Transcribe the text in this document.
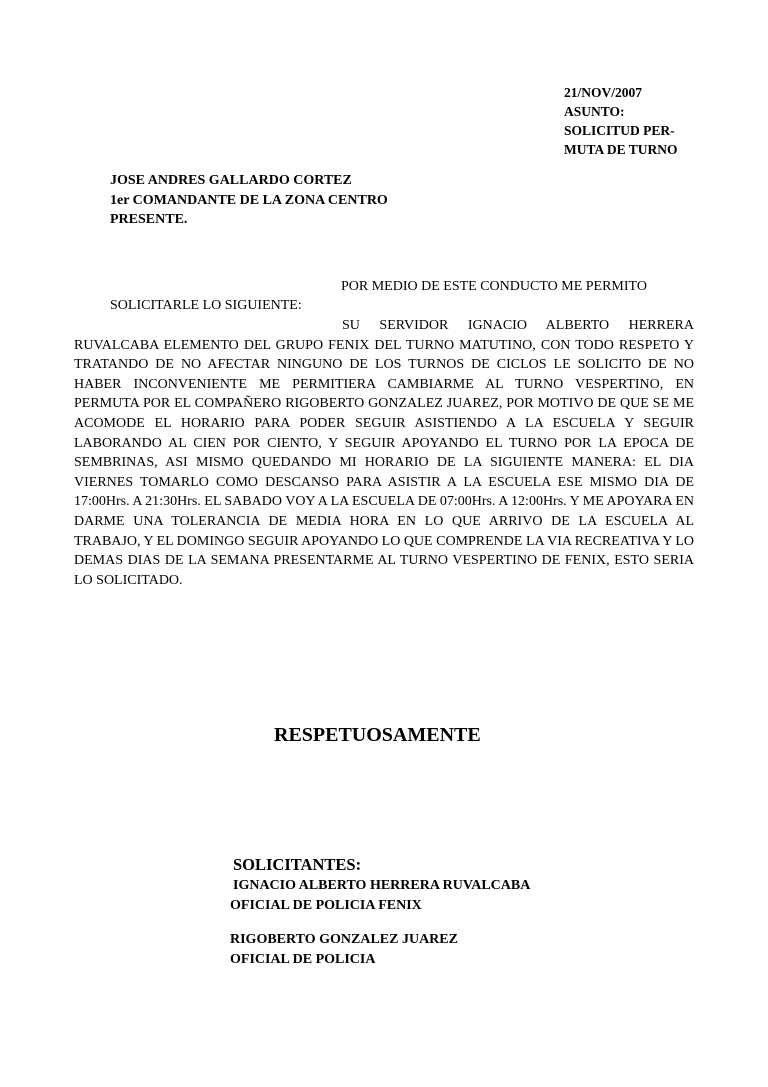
21/NOV/2007
ASUNTO:
SOLICITUD PER-
MUTA DE TURNO
JOSE ANDRES GALLARDO CORTEZ
1er COMANDANTE DE LA ZONA CENTRO
PRESENTE.
POR MEDIO DE ESTE CONDUCTO ME PERMITO
SOLICITARLE LO SIGUIENTE:
SU SERVIDOR IGNACIO ALBERTO HERRERA RUVALCABA ELEMENTO DEL GRUPO FENIX DEL TURNO MATUTINO, CON TODO RESPETO Y TRATANDO DE NO AFECTAR NINGUNO DE LOS TURNOS DE CICLOS LE SOLICITO DE NO HABER INCONVENIENTE ME PERMITIERA CAMBIARME AL TURNO VESPERTINO, EN PERMUTA POR EL COMPAÑERO RIGOBERTO GONZALEZ JUAREZ, POR MOTIVO DE QUE SE ME ACOMODE EL HORARIO PARA PODER SEGUIR ASISTIENDO A LA ESCUELA Y SEGUIR LABORANDO AL CIEN POR CIENTO, Y SEGUIR APOYANDO EL TURNO POR LA EPOCA DE SEMBRINAS, ASI MISMO QUEDANDO MI HORARIO DE LA SIGUIENTE MANERA: EL DIA VIERNES TOMARLO COMO DESCANSO PARA ASISTIR A LA ESCUELA ESE MISMO DIA DE 17:00Hrs. A 21:30Hrs. EL SABADO VOY A LA ESCUELA DE 07:00Hrs. A 12:00Hrs. Y ME APOYARA EN DARME UNA TOLERANCIA DE MEDIA HORA EN LO QUE ARRIVO DE LA ESCUELA AL TRABAJO, Y EL DOMINGO SEGUIR APOYANDO LO QUE COMPRENDE LA VIA RECREATIVA Y LO DEMAS DIAS DE LA SEMANA PRESENTARME AL TURNO VESPERTINO DE FENIX, ESTO SERIA LO SOLICITADO.
RESPETUOSAMENTE
SOLICITANTES:
IGNACIO ALBERTO HERRERA RUVALCABA
OFICIAL DE POLICIA FENIX
RIGOBERTO GONZALEZ JUAREZ
OFICIAL DE POLICIA
